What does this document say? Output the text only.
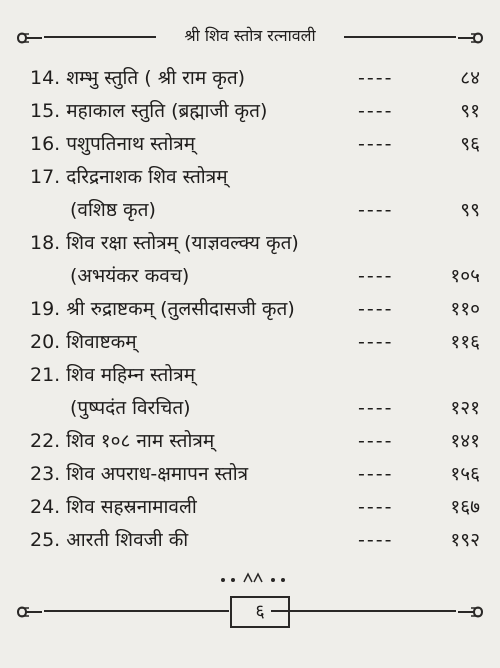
श्री शिव स्तोत्र रत्नावली
14. शम्भु स्तुति ( श्री राम कृत)	----	८४
15. महाकाल स्तुति (ब्रह्माजी कृत)	----	९१
16. पशुपतिनाथ स्तोत्रम्	----	९६
17. दरिद्रनाशक शिव स्तोत्रम्
(वशिष्ठ कृत)	----	९९
18. शिव रक्षा स्तोत्रम् (याज्ञवल्क्य कृत)
(अभयंकर कवच)	----	१०५
19. श्री रुद्राष्टकम् (तुलसीदासजी कृत)	----	११०
20. शिवाष्टकम्	----	११६
21. शिव महिम्न स्तोत्रम्
(पुष्पदंत विरचित)	----	१२१
22. शिव १०८ नाम स्तोत्रम्	----	१४१
23. शिव अपराध-क्षमापन स्तोत्र	----	१५६
24. शिव सहस्रनामावली	----	१६७
25. आरती शिवजी की	----	१९२
६
